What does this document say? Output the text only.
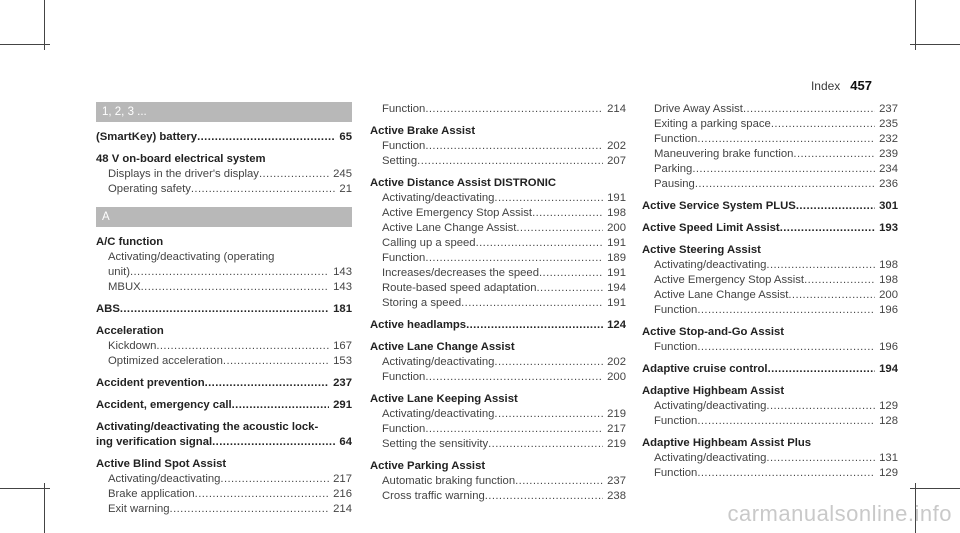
Index 457
1, 2, 3 ...
(SmartKey) battery .....	65
48 V on-board electrical system
Displays in the driver's display .....	245
Operating safety .....	21
A
A/C function
Activating/deactivating (operating
unit) .....	143
MBUX .....	143
ABS .....	181
Acceleration
Kickdown .....	167
Optimized acceleration .....	153
Accident prevention .....	237
Accident, emergency call .....	291
Activating/deactivating the acoustic lock-
ing verification signal .....	64
Active Blind Spot Assist
Activating/deactivating .....	217
Brake application .....	216
Exit warning .....	214
Function .....	214
Active Brake Assist
Function .....	202
Setting .....	207
Active Distance Assist DISTRONIC
Activating/deactivating .....	191
Active Emergency Stop Assist .....	198
Active Lane Change Assist .....	200
Calling up a speed .....	191
Function .....	189
Increases/decreases the speed .....	191
Route-based speed adaptation .....	194
Storing a speed .....	191
Active headlamps .....	124
Active Lane Change Assist
Activating/deactivating .....	202
Function .....	200
Active Lane Keeping Assist
Activating/deactivating .....	219
Function .....	217
Setting the sensitivity .....	219
Active Parking Assist
Automatic braking function .....	237
Cross traffic warning .....	238
Drive Away Assist .....	237
Exiting a parking space .....	235
Function .....	232
Maneuvering brake function .....	239
Parking .....	234
Pausing .....	236
Active Service System PLUS .....	301
Active Speed Limit Assist .....	193
Active Steering Assist
Activating/deactivating .....	198
Active Emergency Stop Assist .....	198
Active Lane Change Assist .....	200
Function .....	196
Active Stop-and-Go Assist
Function .....	196
Adaptive cruise control .....	194
Adaptive Highbeam Assist
Activating/deactivating .....	129
Function .....	128
Adaptive Highbeam Assist Plus
Activating/deactivating .....	131
Function .....	129
carmanualsonline.info
